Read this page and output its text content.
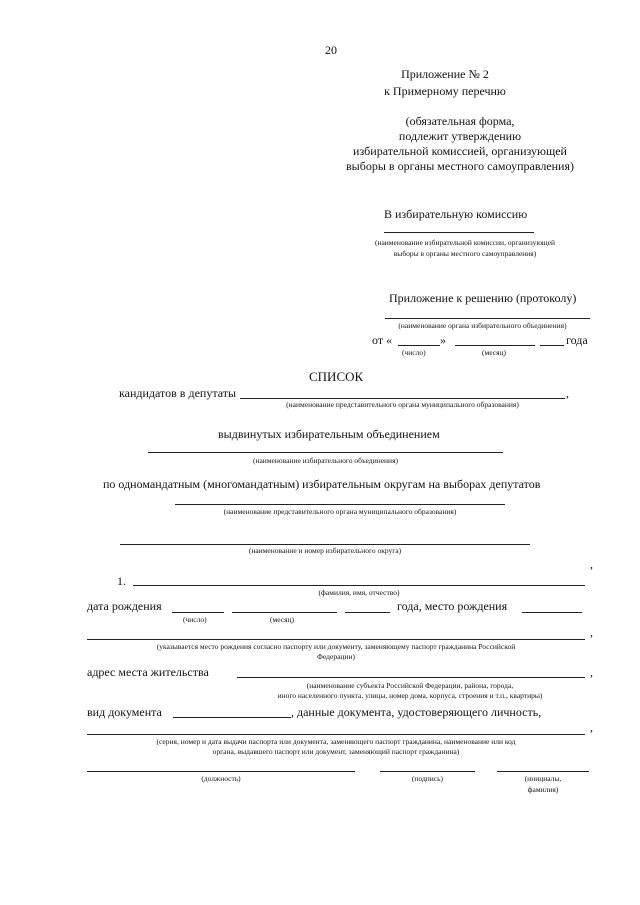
20
Приложение № 2
к Примерному перечню
(обязательная форма,
подлежит утверждению
избирательной комиссией, организующей
выборы в органы местного самоуправления)
В избирательную комиссию
(наименование избирательной комиссии, организующей
выборы в органы местного самоуправления)
Приложение к решению (протоколу)
(наименование органа избирательного объединения)
от «	»	года
(число)	(месяц)
СПИСОК
кандидатов в депутаты	,
(наименование представительного органа муниципального образования)
выдвинутых избирательным объединением
(наименование избирательного объединения)
по одномандатным (многомандатным) избирательным округам на выборах депутатов
(наименование представительного органа муниципального образования)
(наименование и номер избирательного округа)
,
1.
(фамилия, имя, отчество)
дата рождения	года, место рождения
(число)	(месяц)
,
(указывается место рождения согласно паспорту или документу, заменяющему паспорт гражданина Российской
Федерации)
адрес места жительства	,
(наименование субъекта Российской Федерации, района, города,
иного населенного пункта, улицы, номер дома, корпуса, строения и т.п., квартиры)
вид документа	, данные документа, удостоверяющего личность,
,
(серия, номер и дата выдачи паспорта или документа, заменяющего паспорт гражданина, наименование или код
органа, выдавшего паспорт или документ, заменяющий паспорт гражданина)
(должность)	(подпись)	(инициалы,
фамилия)
